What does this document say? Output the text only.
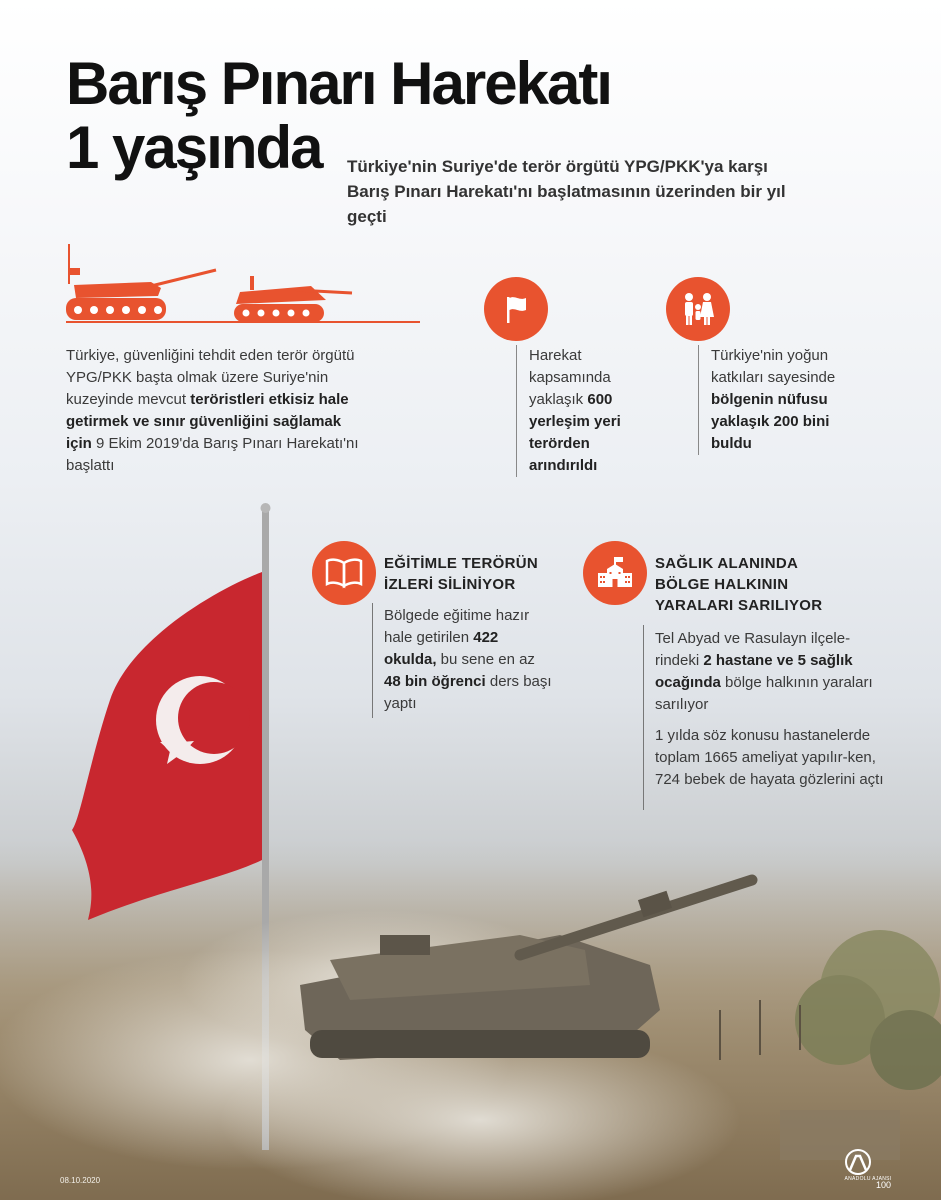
Barış Pınarı Harekatı
1 yaşında	Türkiye'nin Suriye'de terör örgütü YPG/PKK'ya karşı Barış Pınarı Harekatı'nı başlatmasının üzerinden bir yıl geçti
Türkiye, güvenliğini tehdit eden terör örgütü YPG/PKK başta olmak üzere Suriye'nin kuzeyinde mevcut teröristleri etkisiz hale getirmek ve sınır güvenliğini sağlamak için 9 Ekim 2019'da Barış Pınarı Harekatı'nı başlattı
Harekat kapsamında yaklaşık 600 yerleşim yeri terörden arındırıldı
Türkiye'nin yoğun katkıları sayesinde bölgenin nüfusu yaklaşık 200 bini buldu
EĞİTİMLE TERÖRÜN İZLERİ SİLİNİYOR
Bölgede eğitime hazır hale getirilen 422 okulda, bu sene en az 48 bin öğrenci ders başı yaptı
SAĞLIK ALANINDA BÖLGE HALKININ YARALARI SARILIYOR
Tel Abyad ve Rasulayn ilçele-rindeki 2 hastane ve 5 sağlık ocağında bölge halkının yaraları sarılıyor
1 yılda söz konusu hastanelerde toplam 1665 ameliyat yapılır-ken, 724 bebek de hayata gözlerini açtı
08.10.2020	100
ANADOLU AJANSI
